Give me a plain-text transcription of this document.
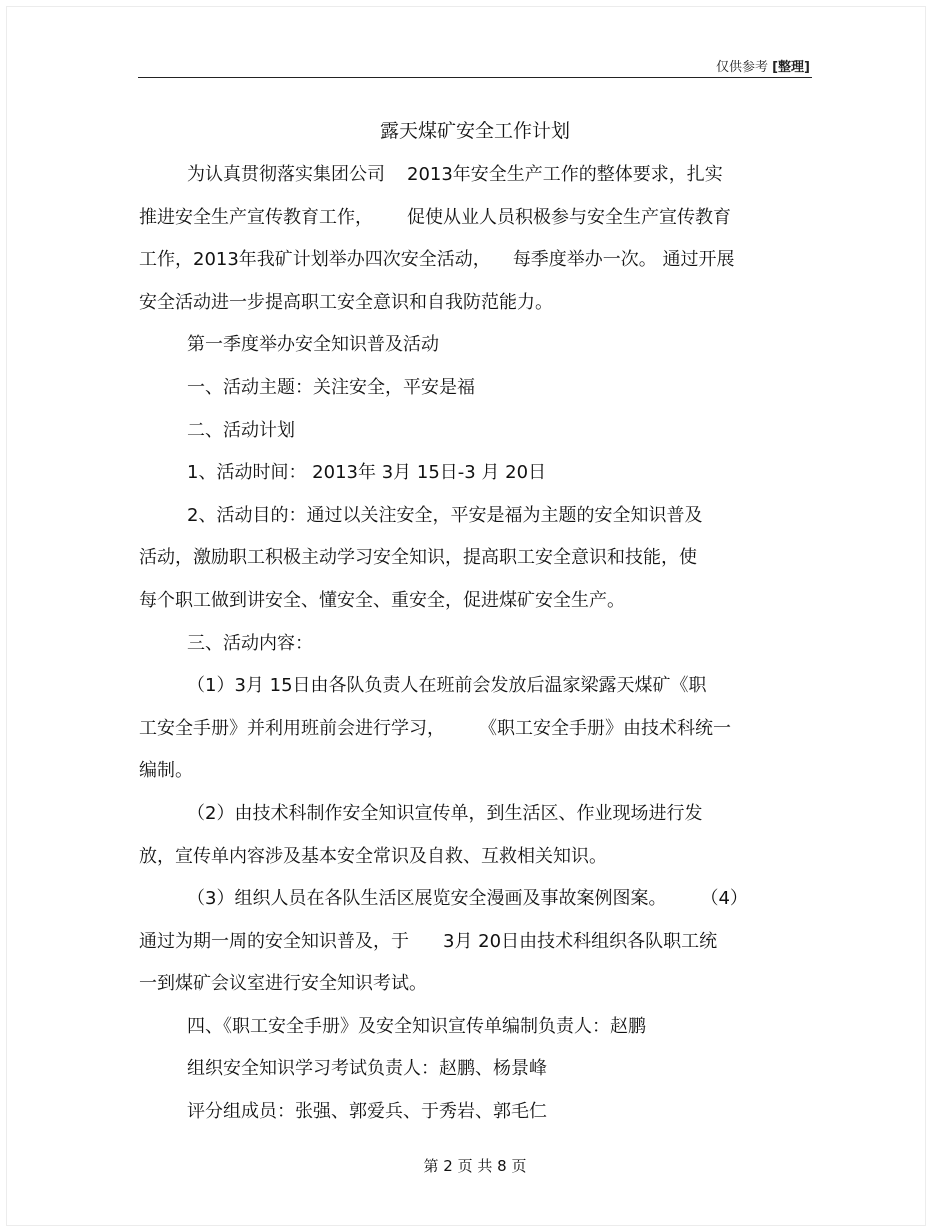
仅供参考 [整理]
露天煤矿安全工作计划

为认真贯彻落实集团公司 2013年安全生产工作的整体要求，扎实

推进安全生产宣传教育工作， 促使从业人员积极参与安全生产宣传教育

工作，2013年我矿计划举办四次安全活动， 每季度举办一次。 通过开展

安全活动进一步提高职工安全意识和自我防范能力。

第一季度举办安全知识普及活动

一、活动主题：关注安全，平安是福

二、活动计划

1、活动时间： 2013年 3月 15日-3 月 20日

2、活动目的：通过以关注安全，平安是福为主题的安全知识普及

活动，激励职工积极主动学习安全知识，提高职工安全意识和技能，使

每个职工做到讲安全、懂安全、重安全，促进煤矿安全生产。

三、活动内容：

（1）3月 15日由各队负责人在班前会发放后温家梁露天煤矿《职

工安全手册》并利用班前会进行学习， 《职工安全手册》由技术科统一

编制。

（2）由技术科制作安全知识宣传单，到生活区、作业现场进行发

放，宣传单内容涉及基本安全常识及自救、互救相关知识。

（3）组织人员在各队生活区展览安全漫画及事故案例图案。 （4）

通过为期一周的安全知识普及，于 3月 20日由技术科组织各队职工统

一到煤矿会议室进行安全知识考试。

四、《职工安全手册》及安全知识宣传单编制负责人：赵鹏

组织安全知识学习考试负责人：赵鹏、杨景峰

评分组成员：张强、郭爱兵、于秀岩、郭毛仁

第 2 页 共 8 页
